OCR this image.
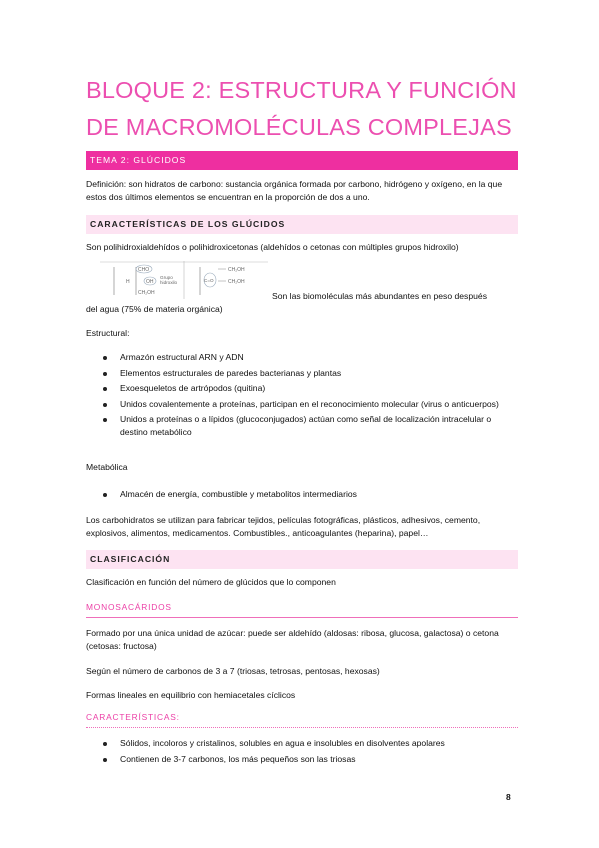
BLOQUE 2: ESTRUCTURA Y FUNCIÓN DE MACROMOLÉCULAS COMPLEJAS
TEMA 2: GLÚCIDOS
Definición: son hidratos de carbono: sustancia orgánica formada por carbono, hidrógeno y oxígeno, en la que estos dos últimos elementos se encuentran en la proporción de dos a uno.
CARACTERÍSTICAS DE LOS GLÚCIDOS
Son polihidroxialdehídos o polihidroxicetonas (aldehídos o cetonas con múltiples grupos hidroxilo)
CHO
H	OH
Grupo
hidroxilo
CH₂OH
C=O
CH₂OH
CH₂OH
Son las biomoléculas más abundantes en peso después
del agua (75% de materia orgánica)
Estructural:
Armazón estructural ARN y ADN
Elementos estructurales de paredes bacterianas y plantas
Exoesqueletos de artrópodos (quitina)
Unidos covalentemente a proteínas, participan en el reconocimiento molecular (virus o anticuerpos)
Unidos a proteínas o a lípidos (glucoconjugados) actúan como señal de localización intracelular o destino metabólico
Metabólica
Almacén de energía, combustible y metabolitos intermediarios
Los carbohidratos se utilizan para fabricar tejidos, películas fotográficas, plásticos, adhesivos, cemento, explosivos, alimentos, medicamentos. Combustibles., anticoagulantes (heparina), papel…
CLASIFICACIÓN
Clasificación en función del número de glúcidos que lo componen
MONOSACÁRIDOS
Formado por una única unidad de azúcar: puede ser aldehído (aldosas: ribosa, glucosa, galactosa) o cetona (cetosas: fructosa)
Según el número de carbonos de 3 a 7 (triosas, tetrosas, pentosas, hexosas)
Formas lineales en equilibrio con hemiacetales cíclicos
CARACTERÍSTICAS:
Sólidos, incoloros y cristalinos, solubles en agua e insolubles en disolventes apolares
Contienen de 3-7 carbonos, los más pequeños son las triosas
8
